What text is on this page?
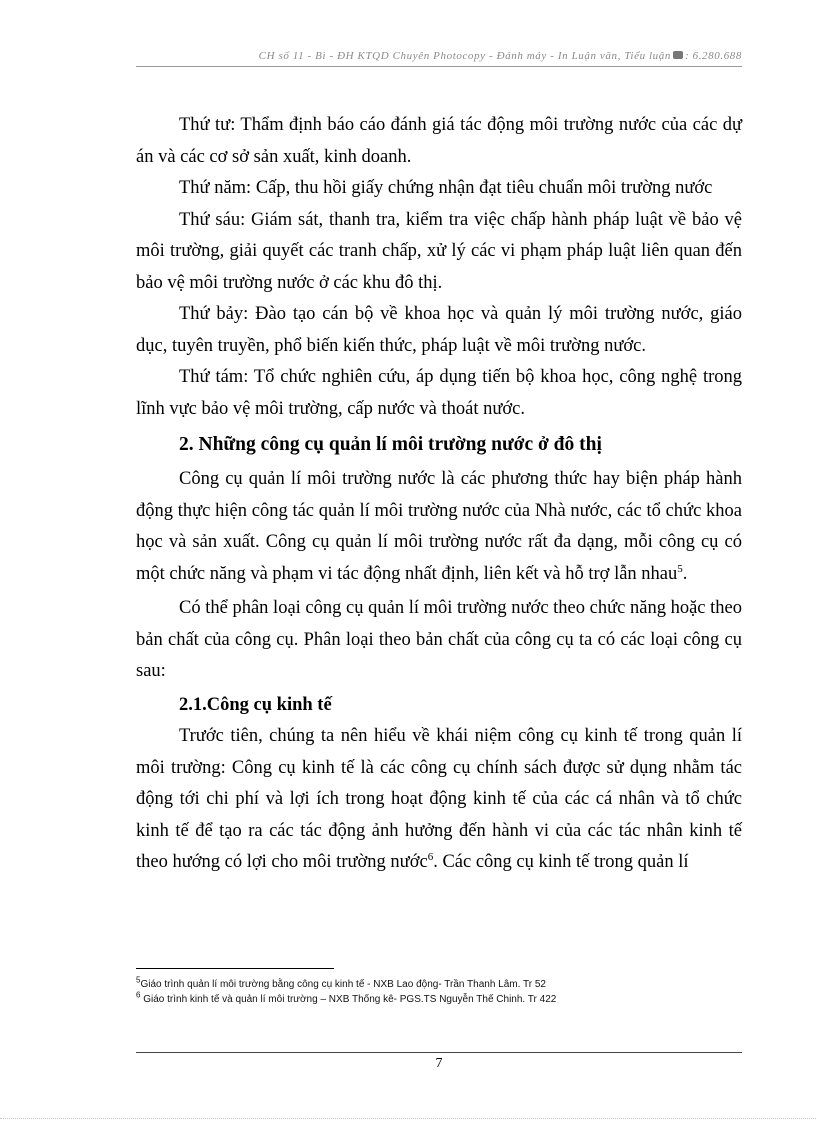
CH số 11 - Bì - ĐH KTQD Chuyên Photocopy - Đánh máy - In Luận văn, Tiểu luận : 6.280.688

Thứ tư: Thẩm định báo cáo đánh giá tác động môi trường nước của các dự án và các cơ sở sản xuất, kinh doanh.

Thứ năm: Cấp, thu hồi giấy chứng nhận đạt tiêu chuẩn môi trường nước

Thứ sáu: Giám sát, thanh tra, kiểm tra việc chấp hành pháp luật về bảo vệ môi trường, giải quyết các tranh chấp, xử lý các vi phạm pháp luật liên quan đến bảo vệ môi trường nước ở các khu đô thị.

Thứ bảy: Đào tạo cán bộ về khoa học và quản lý môi trường nước, giáo dục, tuyên truyền, phổ biến kiến thức, pháp luật về môi trường nước.

Thứ tám: Tổ chức nghiên cứu, áp dụng tiến bộ khoa học, công nghệ trong lĩnh vực bảo vệ môi trường, cấp nước và thoát nước.

2. Những công cụ quản lí môi trường nước ở đô thị

Công cụ quản lí môi trường nước là các phương thức hay biện pháp hành động thực hiện công tác quản lí môi trường nước của Nhà nước, các tổ chức khoa học và sản xuất. Công cụ quản lí môi trường nước rất đa dạng, mỗi công cụ có một chức năng và phạm vi tác động nhất định, liên kết và hỗ trợ lẫn nhau$^5$.

Có thể phân loại công cụ quản lí môi trường nước theo chức năng hoặc theo bản chất của công cụ. Phân loại theo bản chất của công cụ ta có các loại công cụ sau:

2.1.Công cụ kinh tế

Trước tiên, chúng ta nên hiểu về khái niệm công cụ kinh tế trong quản lí môi trường: Công cụ kinh tế là các công cụ chính sách được sử dụng nhằm tác động tới chi phí và lợi ích trong hoạt động kinh tế của các cá nhân và tổ chức kinh tế để tạo ra các tác động ảnh hưởng đến hành vi của các tác nhân kinh tế theo hướng có lợi cho môi trường nước$^6$. Các công cụ kinh tế trong quản lí

$^5$Giáo trình quản lí môi trường bằng công cụ kinh tế - NXB Lao động- Trần Thanh Lâm. Tr 52
$^6$ Giáo trình kinh tế và quản lí môi trường – NXB Thống kê- PGS.TS Nguyễn Thế Chinh. Tr 422
7
